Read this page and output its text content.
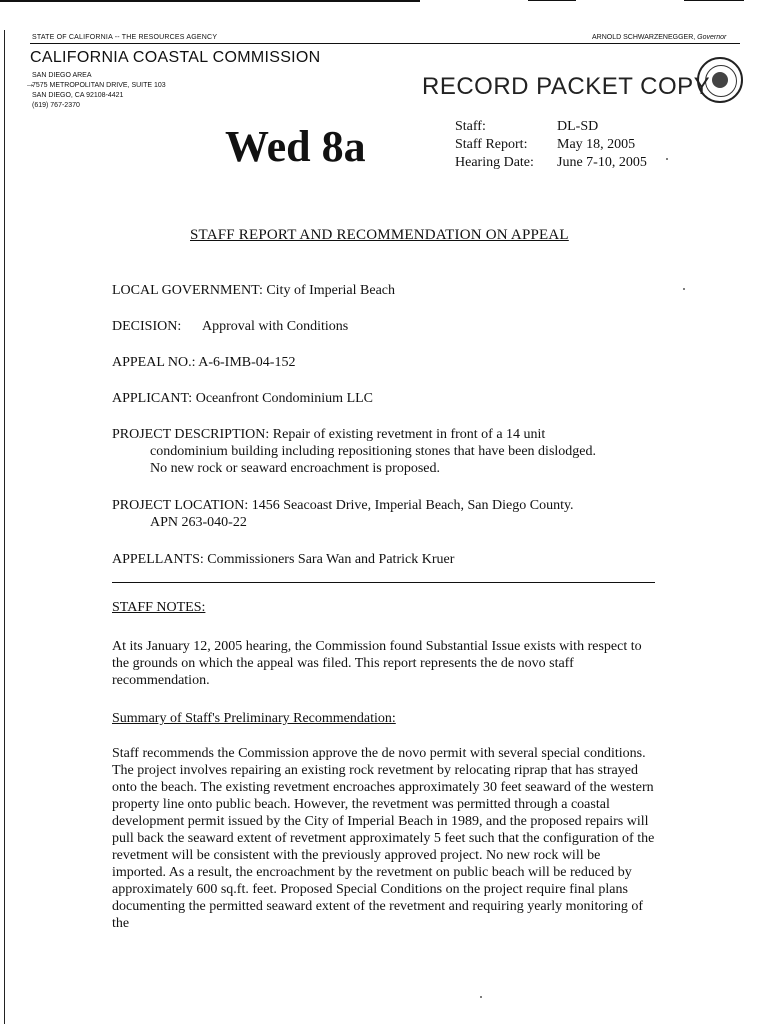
STATE OF CALIFORNIA -- THE RESOURCES AGENCY	ARNOLD SCHWARZENEGGER, Governor
CALIFORNIA COASTAL COMMISSION
→
SAN DIEGO AREA
7575 METROPOLITAN DRIVE, SUITE 103
SAN DIEGO, CA 92108-4421
(619) 767-2370
RECORD PACKET COPY
Wed 8a	Staff:	DL-SD
Staff Report:	May 18, 2005
Hearing Date:	June 7-10, 2005
STAFF REPORT AND RECOMMENDATION ON APPEAL
LOCAL GOVERNMENT: City of Imperial Beach
DECISION: Approval with Conditions
APPEAL NO.: A-6-IMB-04-152
APPLICANT: Oceanfront Condominium LLC
PROJECT DESCRIPTION: Repair of existing revetment in front of a 14 unit
condominium building including repositioning stones that have been dislodged.
No new rock or seaward encroachment is proposed.
PROJECT LOCATION: 1456 Seacoast Drive, Imperial Beach, San Diego County.
APN 263-040-22
APPELLANTS: Commissioners Sara Wan and Patrick Kruer
STAFF NOTES:
At its January 12, 2005 hearing, the Commission found Substantial Issue exists with respect to the grounds on which the appeal was filed. This report represents the de novo staff recommendation.
Summary of Staff's Preliminary Recommendation:
Staff recommends the Commission approve the de novo permit with several special conditions. The project involves repairing an existing rock revetment by relocating riprap that has strayed onto the beach. The existing revetment encroaches approximately 30 feet seaward of the western property line onto public beach. However, the revetment was permitted through a coastal development permit issued by the City of Imperial Beach in 1989, and the proposed repairs will pull back the seaward extent of revetment approximately 5 feet such that the configuration of the revetment will be consistent with the previously approved project. No new rock will be imported. As a result, the encroachment by the revetment on public beach will be reduced by approximately 600 sq.ft. feet. Proposed Special Conditions on the project require final plans documenting the permitted seaward extent of the revetment and requiring yearly monitoring of the
